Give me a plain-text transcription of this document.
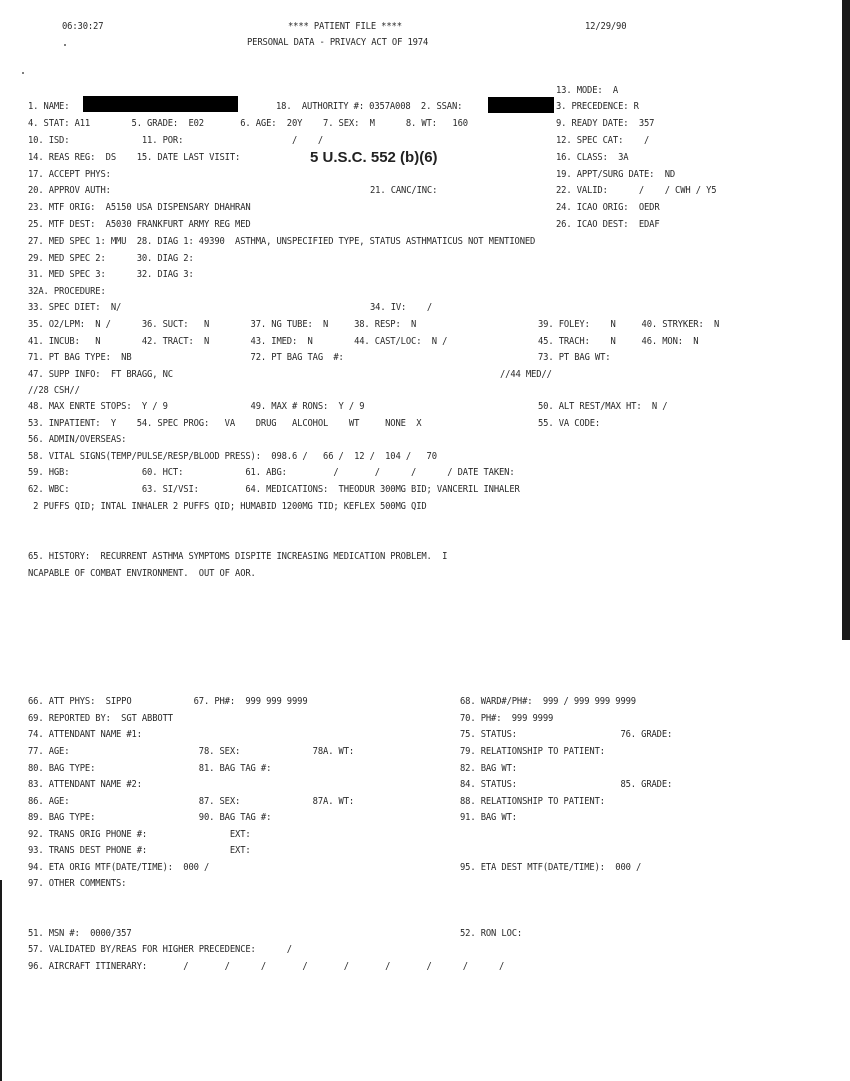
06:30:27	**** PATIENT FILE ****
PERSONAL DATA - PRIVACY ACT OF 1974
12/29/90
5 U.S.C. 552 (b)(6)
13. MODE:  A
1. NAME:	18.  AUTHORITY #: 0357A008  2. SSAN:	3. PRECEDENCE: R
4. STAT: A11        5. GRADE:  E02       6. AGE:  20Y    7. SEX:  M      8. WT:   160	9. READY DATE:  357
10. ISD:              11. POR:                     /    /	12. SPEC CAT:    /
14. REAS REG:  DS    15. DATE LAST VISIT:	16. CLASS:  3A
17. ACCEPT PHYS:	19. APPT/SURG DATE:  ND
20. APPROV AUTH:	21. CANC/INC:	22. VALID:      /    / CWH / Y5
23. MTF ORIG:  A5150 USA DISPENSARY DHAHRAN	24. ICAO ORIG:  OEDR
25. MTF DEST:  A5030 FRANKFURT ARMY REG MED	26. ICAO DEST:  EDAF
27. MED SPEC 1: MMU  28. DIAG 1: 49390  ASTHMA, UNSPECIFIED TYPE, STATUS ASTHMATICUS NOT MENTIONED
29. MED SPEC 2:      30. DIAG 2:
31. MED SPEC 3:      32. DIAG 3:
32A. PROCEDURE:
33. SPEC DIET:  N/	34. IV:    /
35. O2/LPM:  N /      36. SUCT:   N        37. NG TUBE:  N     38. RESP:  N	39. FOLEY:    N     40. STRYKER:  N
41. INCUB:   N        42. TRACT:  N        43. IMED:  N        44. CAST/LOC:  N /	45. TRACH:    N     46. MON:  N
71. PT BAG TYPE:  NB                       72. PT BAG TAG  #:	73. PT BAG WT:
47. SUPP INFO:  FT BRAGG, NC	//44 MED//
//28 CSH//
48. MAX ENRTE STOPS:  Y / 9                49. MAX # RONS:  Y / 9	50. ALT REST/MAX HT:  N /
53. INPATIENT:  Y    54. SPEC PROG:   VA    DRUG   ALCOHOL    WT     NONE  X	55. VA CODE:
56. ADMIN/OVERSEAS:
58. VITAL SIGNS(TEMP/PULSE/RESP/BLOOD PRESS):  098.6 /   66 /  12 /  104 /   70
59. HGB:              60. HCT:            61. ABG:         /       /      /      / DATE TAKEN:
62. WBC:              63. SI/VSI:         64. MEDICATIONS:  THEODUR 300MG BID; VANCERIL INHALER
2 PUFFS QID; INTAL INHALER 2 PUFFS QID; HUMABID 1200MG TID; KEFLEX 500MG QID
65. HISTORY:  RECURRENT ASTHMA SYMPTOMS DISPITE INCREASING MEDICATION PROBLEM.  I
NCAPABLE OF COMBAT ENVIRONMENT.  OUT OF AOR.
66. ATT PHYS:  SIPPO            67. PH#:  999 999 9999	68. WARD#/PH#:  999 / 999 999 9999
69. REPORTED BY:  SGT ABBOTT	70. PH#:  999 9999
74. ATTENDANT NAME #1:	75. STATUS:                    76. GRADE:
77. AGE:                         78. SEX:              78A. WT:	79. RELATIONSHIP TO PATIENT:
80. BAG TYPE:                    81. BAG TAG #:	82. BAG WT:
83. ATTENDANT NAME #2:	84. STATUS:                    85. GRADE:
86. AGE:                         87. SEX:              87A. WT:	88. RELATIONSHIP TO PATIENT:
89. BAG TYPE:                    90. BAG TAG #:	91. BAG WT:
92. TRANS ORIG PHONE #:                EXT:
93. TRANS DEST PHONE #:                EXT:
94. ETA ORIG MTF(DATE/TIME):  000 /	95. ETA DEST MTF(DATE/TIME):  000 /
97. OTHER COMMENTS:
51. MSN #:  0000/357	52. RON LOC:
57. VALIDATED BY/REAS FOR HIGHER PRECEDENCE:      /
96. AIRCRAFT ITINERARY:       /       /      /       /       /       /       /      /      /
